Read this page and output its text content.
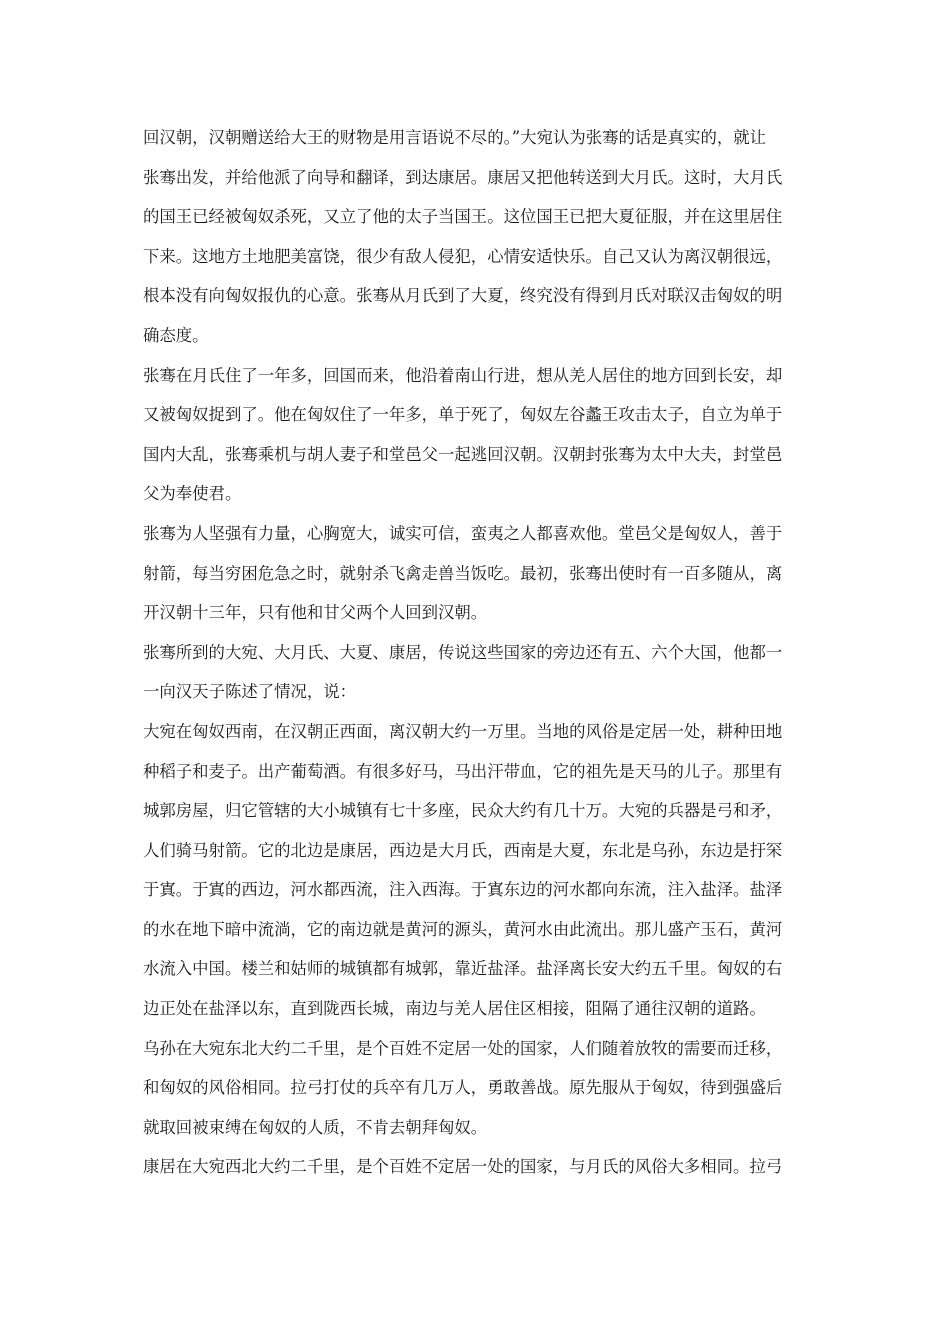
回汉朝，汉朝赠送给大王的财物是用言语说不尽的。”大宛认为张骞的话是真实的，就让
张骞出发，并给他派了向导和翻译，到达康居。康居又把他转送到大月氏。这时，大月氏
的国王已经被匈奴杀死，又立了他的太子当国王。这位国王已把大夏征服，并在这里居住
下来。这地方土地肥美富饶，很少有敌人侵犯，心情安适快乐。自己又认为离汉朝很远，
根本没有向匈奴报仇的心意。张骞从月氏到了大夏，终究没有得到月氏对联汉击匈奴的明
确态度。

张骞在月氏住了一年多，回国而来，他沿着南山行进，想从羌人居住的地方回到长安，却
又被匈奴捉到了。他在匈奴住了一年多，单于死了，匈奴左谷蠡王攻击太子，自立为单于
国内大乱，张骞乘机与胡人妻子和堂邑父一起逃回汉朝。汉朝封张骞为太中大夫，封堂邑
父为奉使君。

张骞为人坚强有力量，心胸宽大，诚实可信，蛮夷之人都喜欢他。堂邑父是匈奴人，善于
射箭，每当穷困危急之时，就射杀飞禽走兽当饭吃。最初，张骞出使时有一百多随从，离
开汉朝十三年，只有他和甘父两个人回到汉朝。

张骞所到的大宛、大月氏、大夏、康居，传说这些国家的旁边还有五、六个大国，他都一
一向汉天子陈述了情况，说：

大宛在匈奴西南，在汉朝正西面，离汉朝大约一万里。当地的风俗是定居一处，耕种田地
种稻子和麦子。出产葡萄酒。有很多好马，马出汗带血，它的祖先是天马的儿子。那里有
城郭房屋，归它管辖的大小城镇有七十多座，民众大约有几十万。大宛的兵器是弓和矛，
人们骑马射箭。它的北边是康居，西边是大月氏，西南是大夏，东北是乌孙，东边是扜罙
于寘。于寘的西边，河水都西流，注入西海。于寘东边的河水都向东流，注入盐泽。盐泽
的水在地下暗中流淌，它的南边就是黄河的源头，黄河水由此流出。那儿盛产玉石，黄河
水流入中国。楼兰和姑师的城镇都有城郭，靠近盐泽。盐泽离长安大约五千里。匈奴的右
边正处在盐泽以东，直到陇西长城，南边与羌人居住区相接，阻隔了通往汉朝的道路。

乌孙在大宛东北大约二千里，是个百姓不定居一处的国家，人们随着放牧的需要而迁移，
和匈奴的风俗相同。拉弓打仗的兵卒有几万人，勇敢善战。原先服从于匈奴，待到强盛后
就取回被束缚在匈奴的人质，不肯去朝拜匈奴。

康居在大宛西北大约二千里，是个百姓不定居一处的国家，与月氏的风俗大多相同。拉弓
